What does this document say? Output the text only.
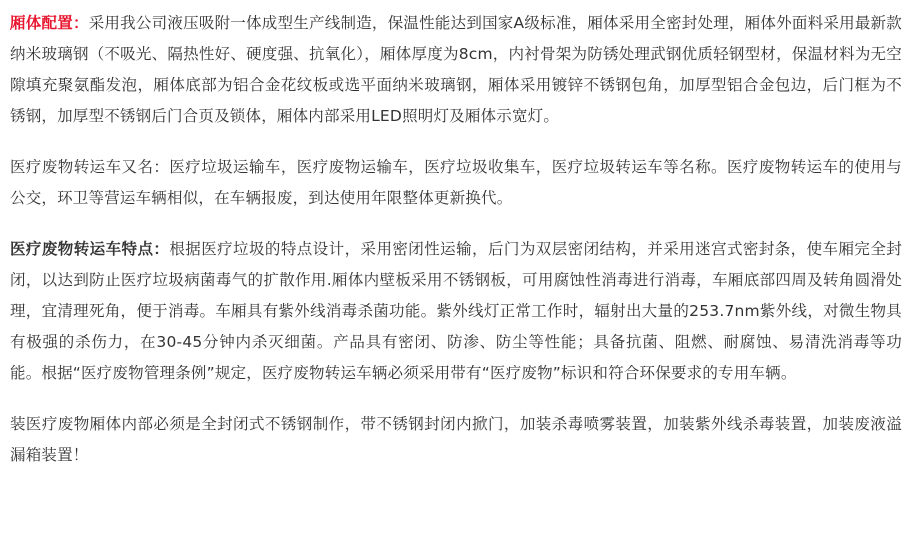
厢体配置：采用我公司液压吸附一体成型生产线制造，保温性能达到国家A级标准，厢体采用全密封处理，厢体外面料采用最新款纳米玻璃钢（不吸光、隔热性好、硬度强、抗氧化），厢体厚度为8cm，内衬骨架为防锈处理武钢优质轻钢型材，保温材料为无空隙填充聚氨酯发泡，厢体底部为铝合金花纹板或选平面纳米玻璃钢，厢体采用镀锌不锈钢包角，加厚型铝合金包边，后门框为不锈钢，加厚型不锈钢后门合页及锁体，厢体内部采用LED照明灯及厢体示宽灯。

医疗废物转运车又名：医疗垃圾运输车，医疗废物运输车，医疗垃圾收集车，医疗垃圾转运车等名称。医疗废物转运车的使用与公交，环卫等营运车辆相似，在车辆报废，到达使用年限整体更新换代。

医疗废物转运车特点：根据医疗垃圾的特点设计，采用密闭性运输，后门为双层密闭结构，并采用迷宫式密封条，使车厢完全封闭，以达到防止医疗垃圾病菌毒气的扩散作用.厢体内壁板采用不锈钢板，可用腐蚀性消毒进行消毒，车厢底部四周及转角圆滑处理，宜清理死角，便于消毒。车厢具有紫外线消毒杀菌功能。紫外线灯正常工作时，辐射出大量的253.7nm紫外线，对微生物具有极强的杀伤力，在30-45分钟内杀灭细菌。产品具有密闭、防渗、防尘等性能；具备抗菌、阻燃、耐腐蚀、易清洗消毒等功能。根据“医疗废物管理条例”规定，医疗废物转运车辆必须采用带有“医疗废物”标识和符合环保要求的专用车辆。

装医疗废物厢体内部必须是全封闭式不锈钢制作，带不锈钢封闭内掀门，加装杀毒喷雾装置，加装紫外线杀毒装置，加装废液溢漏箱装置！
